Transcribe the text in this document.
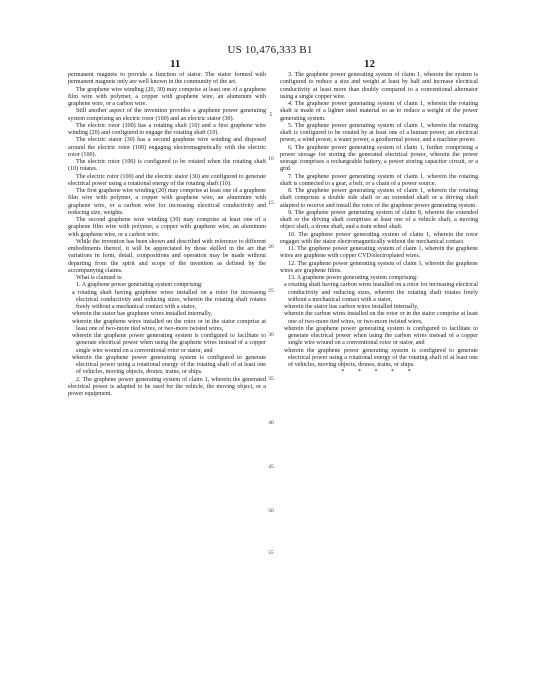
US 10,476,333 B1
11	12
5
10
15
20
25
30
35
40
45
50
55

permanent magnets to provide a function of stator. The stator formed with permanent magnets only are well known in the community of the art.

The graphene wire winding (20, 30) may comprise at least one of a graphene film wire with polymer, a copper with graphene wire, an aluminum with graphene wire, or a carbon wire.

Still another aspect of the invention provides a graphene power generating system comprising an electric rotor (100) and an electric stator (30).

The electric rotor (100) has a rotating shaft (10) and a first graphene wire winding (20) and configured to engage the rotating shaft (10).

The electric stator (30) has a second graphene wire winding and disposed around the electric rotor (100) engaging electromagnetically with the electric rotor (100).

The electric rotor (100) is configured to be rotated when the rotating shaft (10) rotates.

The electric rotor (100) and the electric stator (30) are configured to generate electrical power using a rotational energy of the rotating shaft (10).

The first graphene wire winding (20) may comprise at least one of a graphene film wire with polymer, a copper with graphene wire, an aluminum with graphene wire, or a carbon wire for increasing electrical conductivity and reducing size, weights.

The second graphene wire winding (30) may comprise at least one of a graphene film wire with polymer, a copper with graphene wire, an aluminum with graphene wire, or a carbon wire.

While the invention has been shown and described with reference to different embodiments thereof, it will be appreciated by those skilled in the art that variations in form, detail, compositions and operation may be made without departing from the spirit and scope of the invention as defined by the accompanying claims.

What is claimed is:

1. A graphene power generating system comprising:

a rotating shaft having graphene wires installed on a rotor for increasing electrical conductivity and reducing sizes, wherein the rotating shaft rotates freely without a mechanical contact with a stator,

wherein the stator has graphene wires installed internally,

wherein the graphene wires installed on the rotor or in the stator comprise at least one of two-more tied wires, or two-more twisted wires,

wherein the graphene power generating system is configured to facilitate to generate electrical power when using the graphene wires instead of a copper single wire wound on a conventional rotor or stator, and

wherein the graphene power generating system is configured to generate electrical power using a rotational energy of the rotating shaft of at least one of vehicles, moving objects, drones, trains, or ships.

2. The graphene power generating system of claim 1, wherein the generated electrical power is adapted to be used for the vehicle, the moving object, or a power equipment.

3. The graphene power generating system of claim 1, wherein the system is configured to reduce a size and weight at least by half and increase electrical conductivity at least more than doubly compared to a conventional alternator using a single copper wire.

4. The graphene power generating system of claim 1, wherein the rotating shaft is made of a lighter steel material so as to reduce a weight of the power generating system.

5. The graphene power generating system of claim 1, wherein the rotating shaft is configured to be rotated by at least one of a human power, an electrical power, a wind power, a water power, a geothermal power, and a machine power.

6. The graphene power generating system of claim 1, further comprising a power storage for storing the generated electrical power, wherein the power storage comprises a rechargeable battery, a power storing capacitor circuit, or a grid.

7. The graphene power generating system of claim 1, wherein the rotating shaft is connected to a gear, a belt, or a chain of a power source.

8. The graphene power generating system of claim 1, wherein the rotating shaft comprises a double side shaft or an extended shaft or a driving shaft adapted to receive and install the rotor of the graphene power generating system.

9. The graphene power generating system of claim 8, wherein the extended shaft or the driving shaft comprises at least one of a vehicle shaft, a moving object shaft, a drone shaft, and a train wheel shaft.

10. The graphene power generating system of claim 1, wherein the rotor engages with the stator electromagnetically without the mechanical contact.

11. The graphene power generating system of claim 1, wherein the graphene wires are graphene with copper CVD/electroplated wires.

12. The graphene power generating system of claim 1, wherein the graphene wires are graphene films.

13. A graphene power generating system comprising:

a rotating shaft having carbon wires installed on a rotor for increasing electrical conductivity and reducing sizes, wherein the rotating shaft rotates freely without a mechanical contact with a stator,

wherein the stator has carbon wires installed internally,

wherein the carbon wires installed on the rotor or in the stator comprise at least one of two-more tied wires, or two-more twisted wires,

wherein the graphene power generating system is configured to facilitate to generate electrical power when using the carbon wires instead of a copper single wire wound on a conventional rotor or stator, and

wherein the graphene power generating system is configured to generate electrical power using a rotational energy of the rotating shaft of at least one of vehicles, moving objects, drones, trains, or ships.

* * * * *
